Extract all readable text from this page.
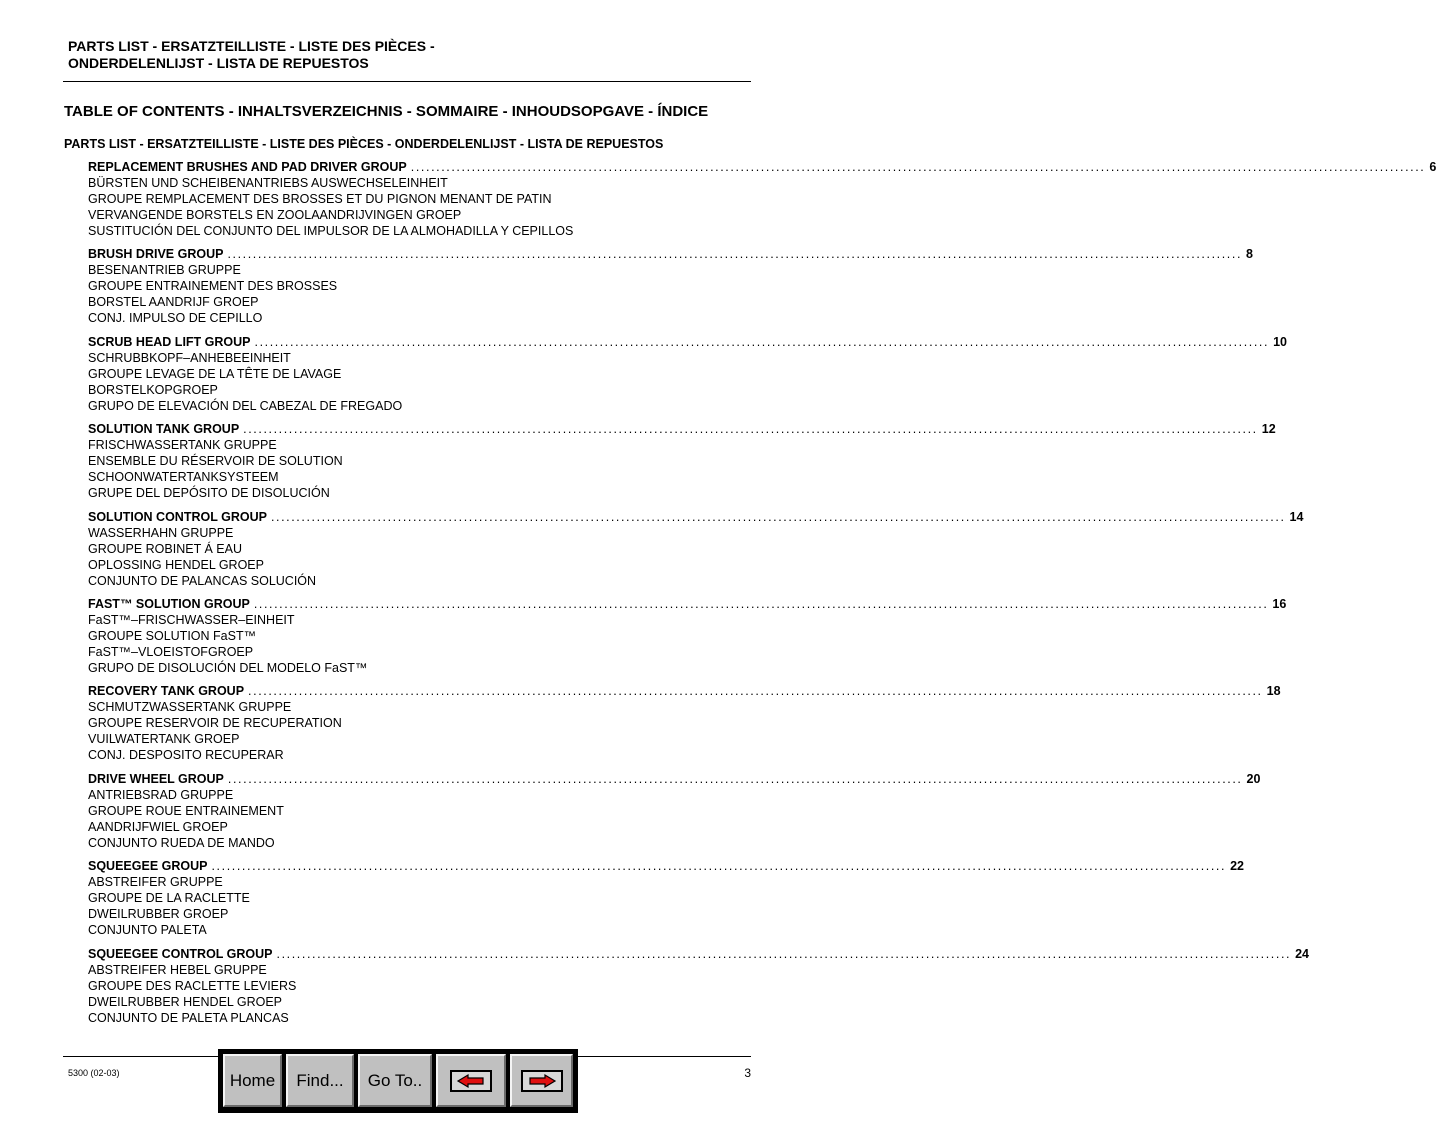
PARTS LIST - ERSATZTEILLISTE - LISTE DES PIÈCES -
ONDERDELENLIJST - LISTA DE REPUESTOS
TABLE OF CONTENTS - INHALTSVERZEICHNIS - SOMMAIRE - INHOUDSOPGAVE - ÍNDICE
PARTS LIST - ERSATZTEILLISTE - LISTE DES PIÈCES - ONDERDELENLIJST - LISTA DE REPUESTOS
REPLACEMENT BRUSHES AND PAD DRIVER GROUP ........................................................................................................................................................................................................ 6
BÜRSTEN UND SCHEIBENANTRIEBS AUSWECHSELEINHEIT
GROUPE REMPLACEMENT DES BROSSES ET DU PIGNON MENANT DE PATIN
VERVANGENDE BORSTELS EN ZOOLAANDRIJVINGEN GROEP
SUSTITUCIÓN DEL CONJUNTO DEL IMPULSOR DE LA ALMOHADILLA Y CEPILLOS
BRUSH DRIVE GROUP ........................................................................................................................................................................................................ 8
BESENANTRIEB GRUPPE
GROUPE ENTRAINEMENT DES BROSSES
BORSTEL AANDRIJF GROEP
CONJ. IMPULSO DE CEPILLO
SCRUB HEAD LIFT GROUP ........................................................................................................................................................................................................ 10
SCHRUBBKOPF–ANHEBEEINHEIT
GROUPE LEVAGE DE LA TÊTE DE LAVAGE
BORSTELKOPGROEP
GRUPO DE ELEVACIÓN DEL CABEZAL DE FREGADO
SOLUTION TANK GROUP ........................................................................................................................................................................................................ 12
FRISCHWASSERTANK GRUPPE
ENSEMBLE DU RÉSERVOIR DE SOLUTION
SCHOONWATERTANKSYSTEEM
GRUPE DEL DEPÓSITO DE DISOLUCIÓN
SOLUTION CONTROL GROUP ........................................................................................................................................................................................................ 14
WASSERHAHN GRUPPE
GROUPE ROBINET Á EAU
OPLOSSING HENDEL GROEP
CONJUNTO DE PALANCAS SOLUCIÓN
FAST™ SOLUTION GROUP ........................................................................................................................................................................................................ 16
FaST™–FRISCHWASSER–EINHEIT
GROUPE SOLUTION FaST™
FaST™–VLOEISTOFGROEP
GRUPO DE DISOLUCIÓN DEL MODELO FaST™
RECOVERY TANK GROUP ........................................................................................................................................................................................................ 18
SCHMUTZWASSERTANK GRUPPE
GROUPE RESERVOIR DE RECUPERATION
VUILWATERTANK GROEP
CONJ. DESPOSITO RECUPERAR
DRIVE WHEEL GROUP ........................................................................................................................................................................................................ 20
ANTRIEBSRAD GRUPPE
GROUPE ROUE ENTRAINEMENT
AANDRIJFWIEL GROEP
CONJUNTO RUEDA DE MANDO
SQUEEGEE GROUP ........................................................................................................................................................................................................ 22
ABSTREIFER GRUPPE
GROUPE DE LA RACLETTE
DWEILRUBBER GROEP
CONJUNTO PALETA
SQUEEGEE CONTROL GROUP ........................................................................................................................................................................................................ 24
ABSTREIFER HEBEL GRUPPE
GROUPE DES RACLETTE LEVIERS
DWEILRUBBER HENDEL GROEP
CONJUNTO DE PALETA PLANCAS
5300 (02-03)	3
Home	Find...	Go To..
